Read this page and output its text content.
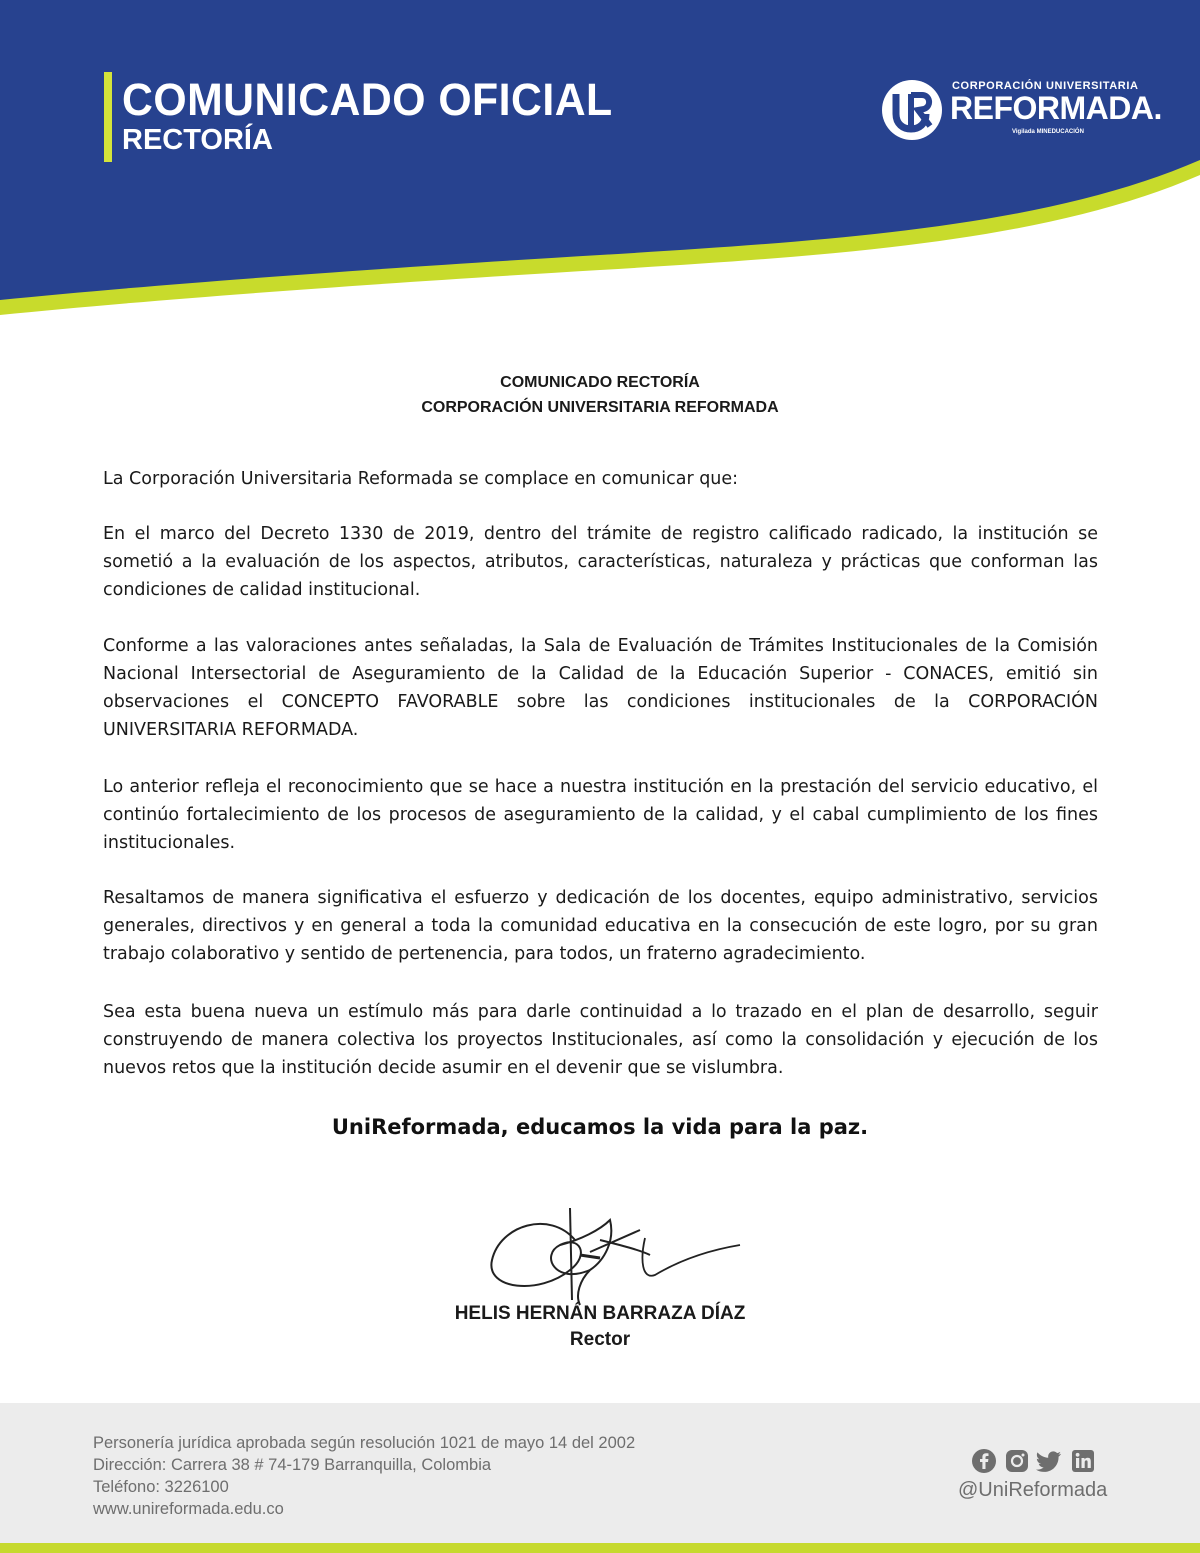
COMUNICADO OFICIAL
RECTORÍA
CORPORACIÓN UNIVERSITARIA
REFORMADA.
Vigilada MINEDUCACIÓN
COMUNICADO RECTORÍA
CORPORACIÓN UNIVERSITARIA REFORMADA
La Corporación Universitaria Reformada se complace en comunicar que:
En el marco del Decreto 1330 de 2019, dentro del trámite de registro calificado radicado, la institución se sometió a la evaluación de los aspectos, atributos, características, naturaleza y prácticas que conforman las condiciones de calidad institucional.
Conforme a las valoraciones antes señaladas, la Sala de Evaluación de Trámites Institucionales de la Comisión Nacional Intersectorial de Aseguramiento de la Calidad de la Educación Superior - CONACES, emitió sin observaciones el CONCEPTO FAVORABLE sobre las condiciones institucionales de la CORPORACIÓN UNIVERSITARIA REFORMADA.
Lo anterior refleja el reconocimiento que se hace a nuestra institución en la prestación del servicio educativo, el continúo fortalecimiento de los procesos de aseguramiento de la calidad, y el cabal cumplimiento de los fines institucionales.
Resaltamos de manera significativa el esfuerzo y dedicación de los docentes, equipo administrativo, servicios generales, directivos y en general a toda la comunidad educativa en la consecución de este logro, por su gran trabajo colaborativo y sentido de pertenencia, para todos, un fraterno agradecimiento.
Sea esta buena nueva un estímulo más para darle continuidad a lo trazado en el plan de desarrollo, seguir construyendo de manera colectiva los proyectos Institucionales, así como la consolidación y ejecución de los nuevos retos que la institución decide asumir en el devenir que se vislumbra.
UniReformada, educamos la vida para la paz.
HELIS HERNÁN BARRAZA DÍAZ
Rector
Personería jurídica aprobada según resolución 1021 de mayo 14 del 2002
Dirección: Carrera 38 # 74-179 Barranquilla, Colombia
Teléfono: 3226100
www.unireformada.edu.co
@UniReformada
